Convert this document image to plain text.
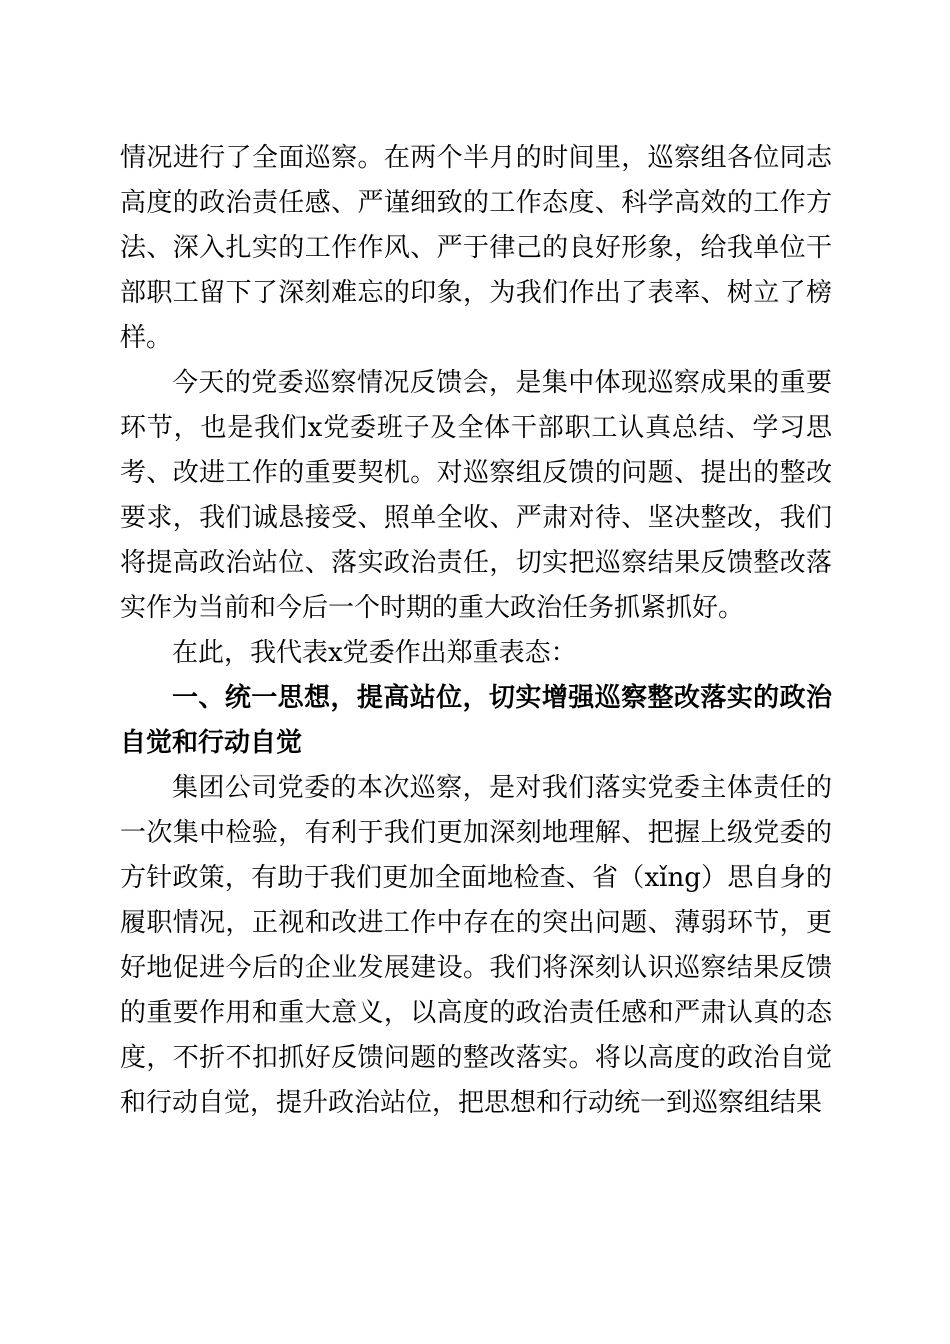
情况进行了全面巡察。在两个半月的时间里，巡察组各位同志高度的政治责任感、严谨细致的工作态度、科学高效的工作方法、深入扎实的工作作风、严于律己的良好形象，给我单位干部职工留下了深刻难忘的印象，为我们作出了表率、树立了榜样。

今天的党委巡察情况反馈会，是集中体现巡察成果的重要环节，也是我们x党委班子及全体干部职工认真总结、学习思考、改进工作的重要契机。对巡察组反馈的问题、提出的整改要求，我们诚恳接受、照单全收、严肃对待、坚决整改，我们将提高政治站位、落实政治责任，切实把巡察结果反馈整改落实作为当前和今后一个时期的重大政治任务抓紧抓好。

在此，我代表x党委作出郑重表态：

一、统一思想，提高站位，切实增强巡察整改落实的政治自觉和行动自觉

集团公司党委的本次巡察，是对我们落实党委主体责任的一次集中检验，有利于我们更加深刻地理解、把握上级党委的方针政策，有助于我们更加全面地检查、省（xǐng）思自身的履职情况，正视和改进工作中存在的突出问题、薄弱环节，更好地促进今后的企业发展建设。我们将深刻认识巡察结果反馈的重要作用和重大意义，以高度的政治责任感和严肃认真的态度，不折不扣抓好反馈问题的整改落实。将以高度的政治自觉和行动自觉，提升政治站位，把思想和行动统一到巡察组结果
